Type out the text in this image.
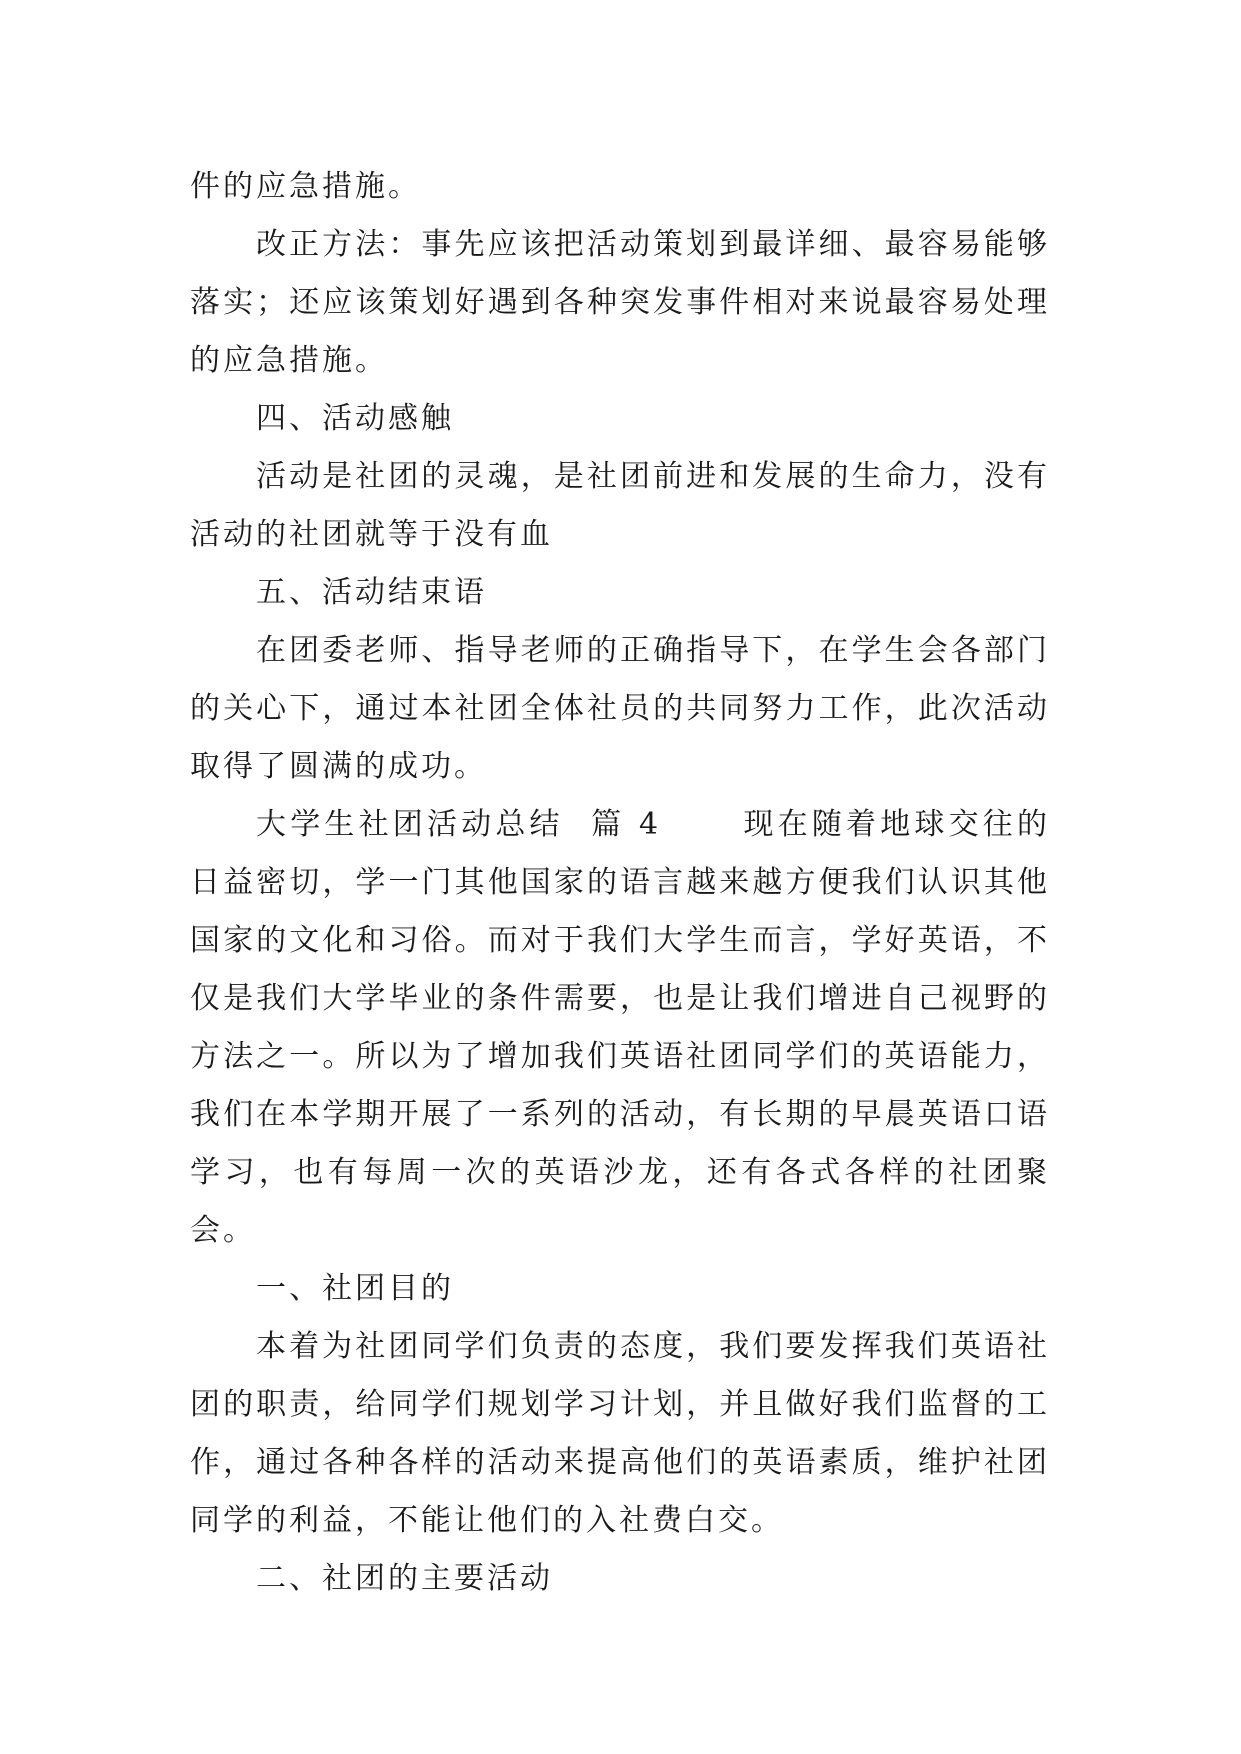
件的应急措施。

改正方法：事先应该把活动策划到最详细、最容易能够落实；还应该策划好遇到各种突发事件相对来说最容易处理的应急措施。

四、活动感触

活动是社团的灵魂，是社团前进和发展的生命力，没有活动的社团就等于没有血

五、活动结束语

在团委老师、指导老师的正确指导下，在学生会各部门的关心下，通过本社团全体社员的共同努力工作，此次活动取得了圆满的成功。

大学生社团活动总结  篇 4      现在随着地球交往的日益密切，学一门其他国家的语言越来越方便我们认识其他国家的文化和习俗。而对于我们大学生而言，学好英语，不仅是我们大学毕业的条件需要，也是让我们增进自己视野的方法之一。所以为了增加我们英语社团同学们的英语能力，我们在本学期开展了一系列的活动，有长期的早晨英语口语学习，也有每周一次的英语沙龙，还有各式各样的社团聚会。

一、社团目的

本着为社团同学们负责的态度，我们要发挥我们英语社团的职责，给同学们规划学习计划，并且做好我们监督的工作，通过各种各样的活动来提高他们的英语素质，维护社团同学的利益，不能让他们的入社费白交。

二、社团的主要活动
